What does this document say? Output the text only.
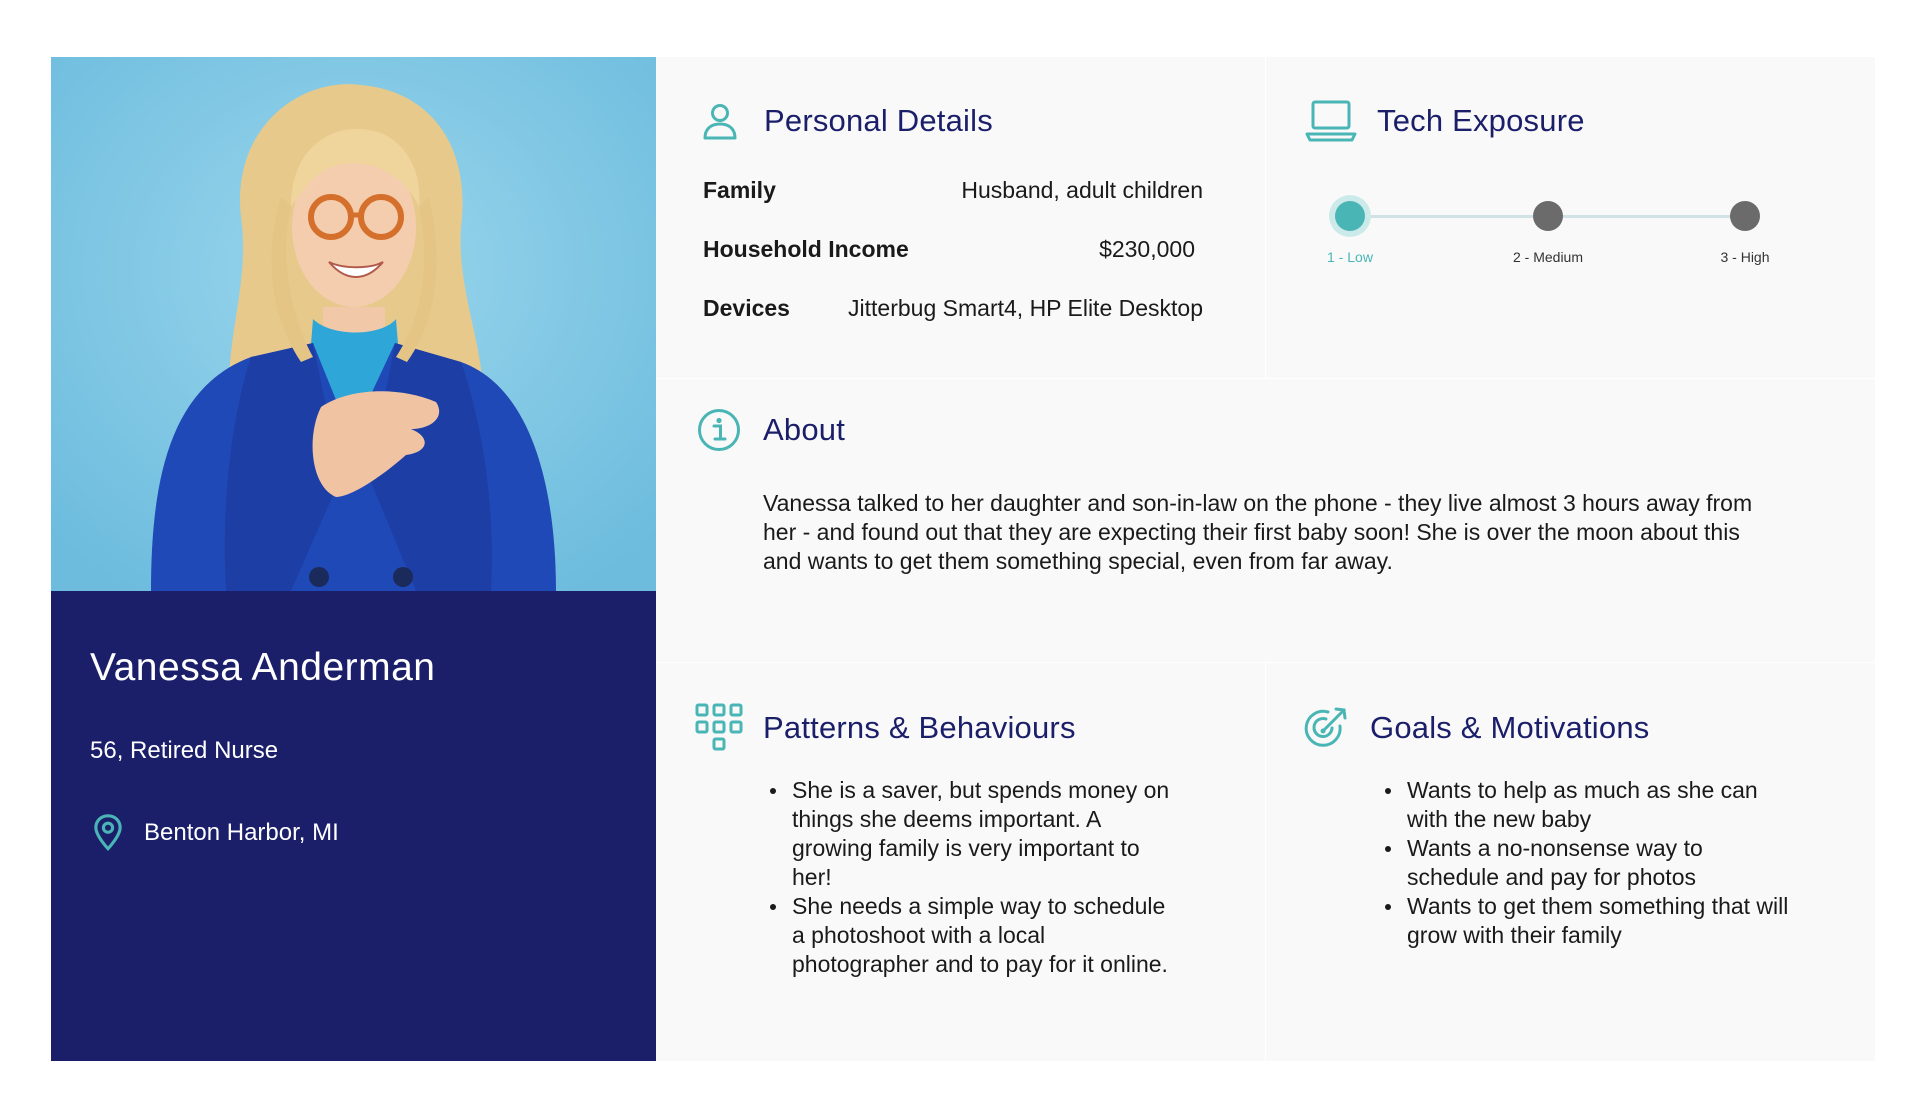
Vanessa Anderman
56, Retired Nurse
Benton Harbor, MI
Personal Details
Family	Husband, adult children
Household Income	$230,000
Devices	Jitterbug Smart4, HP Elite Desktop
Tech Exposure
1 - Low	2 - Medium	3 - High
About

Vanessa talked to her daughter and son-in-law on the phone - they live almost 3 hours away from her - and found out that they are expecting their first baby soon! She is over the moon about this and wants to get them something special, even from far away.

Patterns & Behaviours
She is a saver, but spends money on things she deems important. A growing family is very important to her!
She needs a simple way to schedule a photoshoot with a local photographer and to pay for it online.
Goals & Motivations
Wants to help as much as she can with the new baby
Wants a no-nonsense way to schedule and pay for photos
Wants to get them something that will grow with their family
